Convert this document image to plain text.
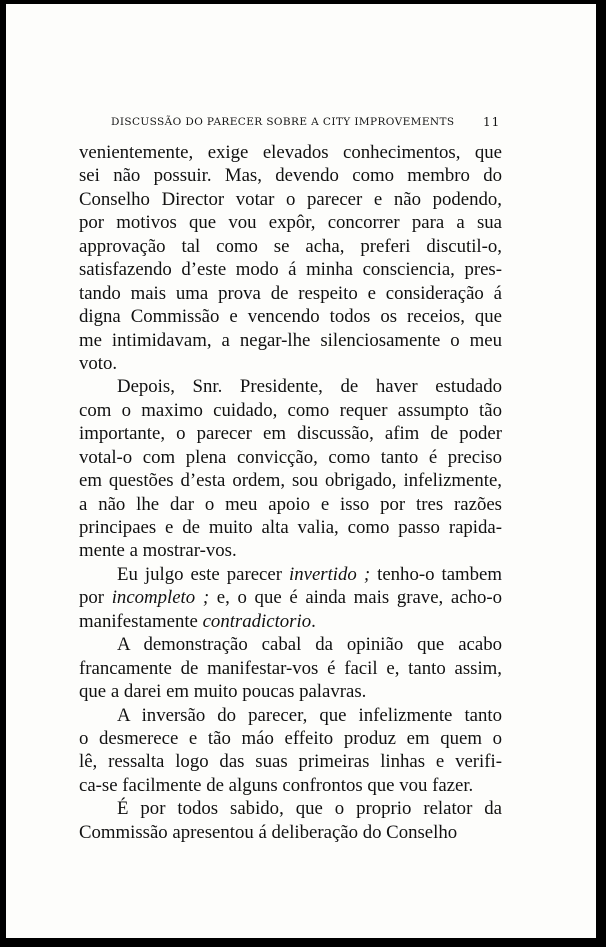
DISCUSSÃO DO PARECER SOBRE A CITY IMPROVEMENTS 11
venientemente, exige elevados conhecimentos, que
sei não possuir. Mas, devendo como membro do
Conselho Director votar o parecer e não podendo,
por motivos que vou expôr, concorrer para a sua
approvação tal como se acha, preferi discutil-o,
satisfazendo d’este modo á minha consciencia, pres-
tando mais uma prova de respeito e consideração á
digna Commissão e vencendo todos os receios, que
me intimidavam, a negar-lhe silenciosamente o meu
voto.
Depois, Snr. Presidente, de haver estudado
com o maximo cuidado, como requer assumpto tão
importante, o parecer em discussão, afim de poder
votal-o com plena convicção, como tanto é preciso
em questões d’esta ordem, sou obrigado, infelizmente,
a não lhe dar o meu apoio e isso por tres razões
principaes e de muito alta valia, como passo rapida-
mente a mostrar-vos.
Eu julgo este parecer invertido ; tenho-o tambem
por incompleto ; e, o que é ainda mais grave, acho-o
manifestamente contradictorio.
A demonstração cabal da opinião que acabo
francamente de manifestar-vos é facil e, tanto assim,
que a darei em muito poucas palavras.
A inversão do parecer, que infelizmente tanto
o desmerece e tão máo effeito produz em quem o
lê, ressalta logo das suas primeiras linhas e verifi-
ca-se facilmente de alguns confrontos que vou fazer.
É por todos sabido, que o proprio relator da
Commissão apresentou á deliberação do Conselho
